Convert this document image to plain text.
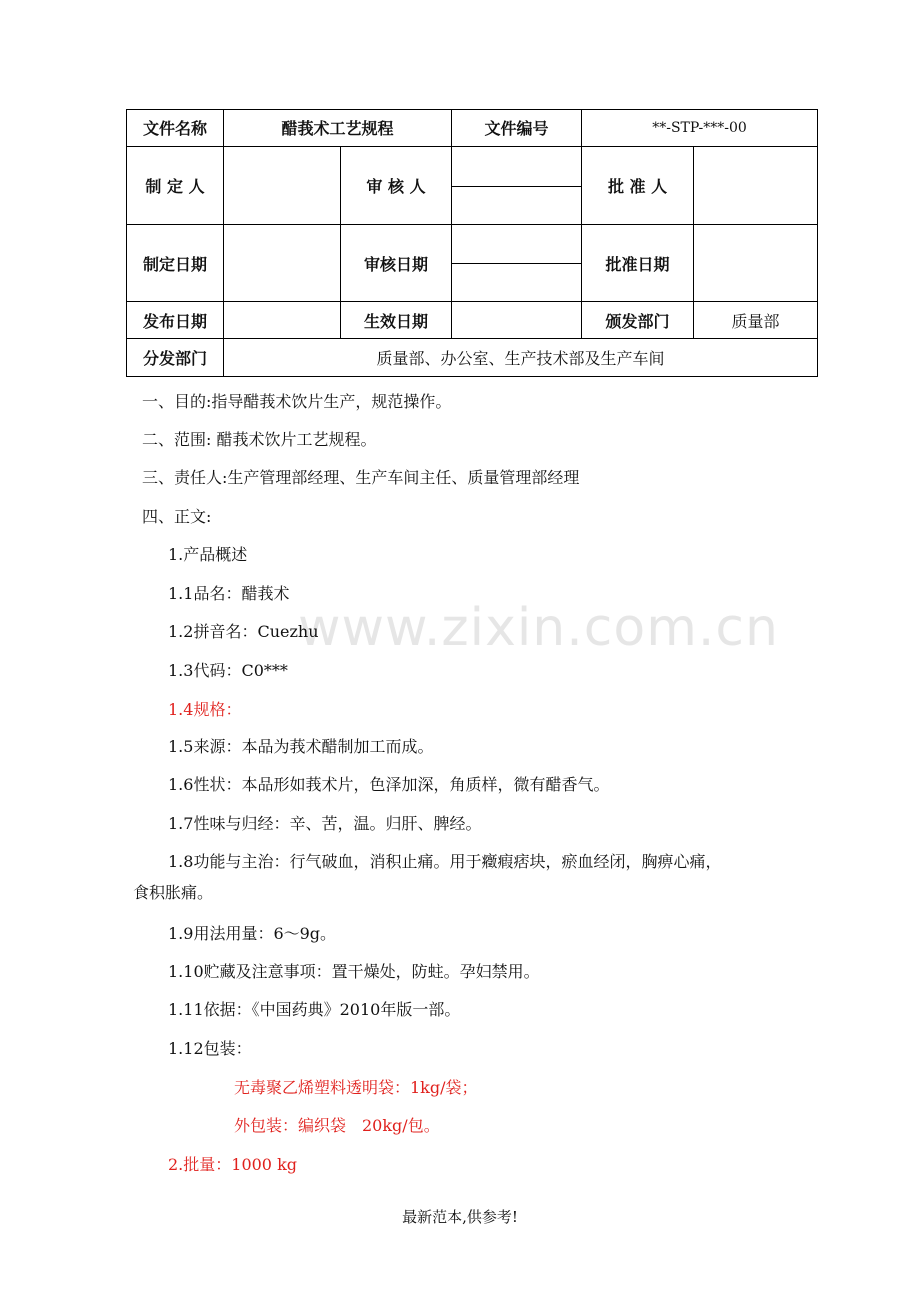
www.zixin.com.cn
文件名称	醋莪术工艺规程		文件编号	**-STP-***-00	
制 定 人		审 核 人		批 准 人	
制定日期		审核日期		批准日期	
发布日期		生效日期		颁发部门	质量部
分发部门	质量部、办公室、生产技术部及生产车间				
一、目的:指导醋莪术饮片生产，规范操作。
二、范围: 醋莪术饮片工艺规程。
三、责任人:生产管理部经理、生产车间主任、质量管理部经理
四、正文:
1.产品概述
1.1品名：醋莪术
1.2拼音名：Cuezhu
1.3代码：C0***
1.4规格：
1.5来源：本品为莪术醋制加工而成。
1.6性状：本品形如莪术片，色泽加深，角质样，微有醋香气。
1.7性味与归经：辛、苦，温。归肝、脾经。
1.8功能与主治：行气破血，消积止痛。用于癥瘕痞块，瘀血经闭，胸痹心痛，
食积胀痛。
1.9用法用量：6～9g。
1.10贮藏及注意事项：置干燥处，防蛀。孕妇禁用。
1.11依据：《中国药典》2010年版一部。
1.12包装：
无毒聚乙烯塑料透明袋：1kg/袋；
外包装：编织袋　20kg/包。
2.批量：1000 kg
最新范本,供参考!
